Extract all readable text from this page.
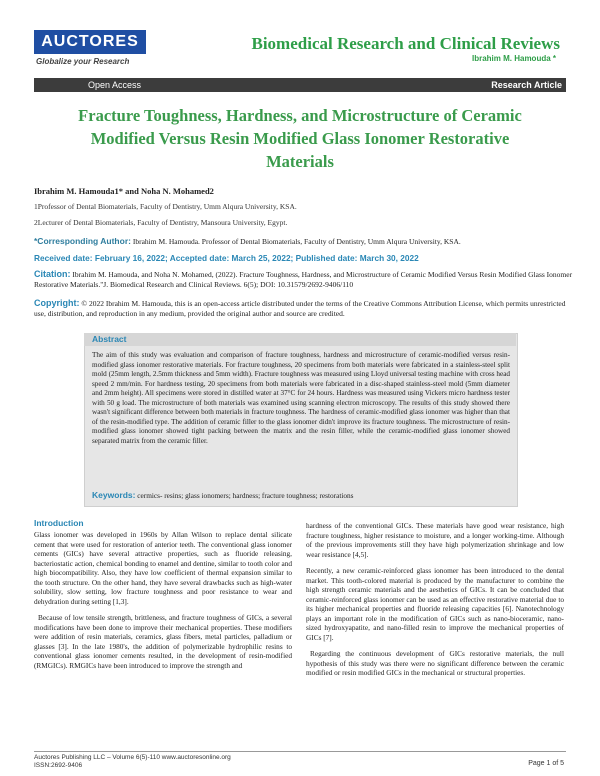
AUCTORES
Globalize your Research
Biomedical Research and Clinical Reviews
Ibrahim M. Hamouda *
Open Access	Research Article
Fracture Toughness, Hardness, and Microstructure of Ceramic Modified Versus Resin Modified Glass Ionomer Restorative Materials
Ibrahim M. Hamouda1* and Noha N. Mohamed2
1Professor of Dental Biomaterials, Faculty of Dentistry, Umm Alqura University, KSA.
2Lecturer of Dental Biomaterials, Faculty of Dentistry, Mansoura University, Egypt.
*Corresponding Author: Ibrahim M. Hamouda. Professor of Dental Biomaterials, Faculty of Dentistry, Umm Alqura University, KSA.
Received date: February 16, 2022; Accepted date: March 25, 2022; Published date: March 30, 2022
Citation: Ibrahim M. Hamouda, and Noha N. Mohamed, (2022). Fracture Toughness, Hardness, and Microstructure of Ceramic Modified Versus Resin Modified Glass Ionomer Restorative Materials."J. Biomedical Research and Clinical Reviews. 6(5); DOI: 10.31579/2692-9406/110
Copyright: © 2022 Ibrahim M. Hamouda, this is an open-access article distributed under the terms of the Creative Commons Attribution License, which permits unrestricted use, distribution, and reproduction in any medium, provided the original author and source are credited.
Abstract
The aim of this study was evaluation and comparison of fracture toughness, hardness and microstructure of ceramic-modified versus resin-modified glass ionomer restorative materials. For fracture toughness, 20 specimens from both materials were fabricated in a stainless-steel split mold (25mm length, 2.5mm thickness and 5mm width). Fracture toughness was measured using Lloyd universal testing machine with cross head speed 2 mm/min. For hardness testing, 20 specimens from both materials were fabricated in a disc-shaped stainless-steel mold (5mm diameter and 2mm height). All specimens were stored in distilled water at 37°C for 24 hours. Hardness was measured using Vickers micro hardness tester with 50 g load. The microstructure of both materials was examined using scanning electron microscopy. The results of this study showed there wasn't significant difference between both materials in fracture toughness. The hardness of ceramic-modified glass ionomer was higher than that of the resin-modified type. The addition of ceramic filler to the glass ionomer didn't improve its fracture toughness. The microstructure of resin-modified glass ionomer showed tight packing between the matrix and the resin filler, while the ceramic-modified glass ionomer showed separated matrix from the ceramic filler.
Keywords: cermics- resins; glass ionomers; hardness; fracture toughness; restorations
Introduction

Glass ionomer was developed in 1960s by Allan Wilson to replace dental silicate cement that were used for restoration of anterior teeth. The conventional glass ionomer cements (GICs) have several attractive properties, such as fluoride releasing, bacteriostatic action, chemical bonding to enamel and dentine, similar to tooth color and high biocompatibility. Also, they have low coefficient of thermal expansion similar to the tooth structure. On the other hand, they have several drawbacks such as high-water solubility, slow setting, low fracture toughness and poor resistance to wear and dehydration during setting [1,3].

Because of low tensile strength, brittleness, and fracture toughness of GICs, a several modifications have been done to improve their mechanical properties. These modifiers were addition of resin materials, ceramics, glass fibers, metal particles, palladium or glasses [3]. In the late 1980's, the addition of polymerizable hydrophilic resins to conventional glass ionomer cements resulted, in the development of resin-modified (RMGICs). RMGICs have been introduced to improve the strength and

hardness of the conventional GICs. These materials have good wear resistance, high fracture toughness, higher resistance to moisture, and a longer working-time. Although of the previous improvements still they have high polymerization shrinkage and low wear resistance [4,5].

Recently, a new ceramic-reinforced glass ionomer has been introduced to the dental market. This tooth-colored material is produced by the manufacturer to combine the high strength ceramic materials and the aesthetics of GICs. It can be concluded that ceramic-reinforced glass ionomer can be used as an effective restorative material due to its higher mechanical properties and fluoride releasing capacities [6]. Nanotechnology plays an important role in the modification of GICs such as nano-bioceramic, nano-sized hydroxyapatite, and nano-filled resin to improve the mechanical properties of GICs [7].

Regarding the continuous development of GICs restorative materials, the null hypothesis of this study was there were no significant difference between the ceramic modified or resin modified GICs in the mechanical or structural properties.

Auctores Publishing LLC – Volume 6(5)-110 www.auctoresonline.org
ISSN:2692-9406	Page 1 of 5
